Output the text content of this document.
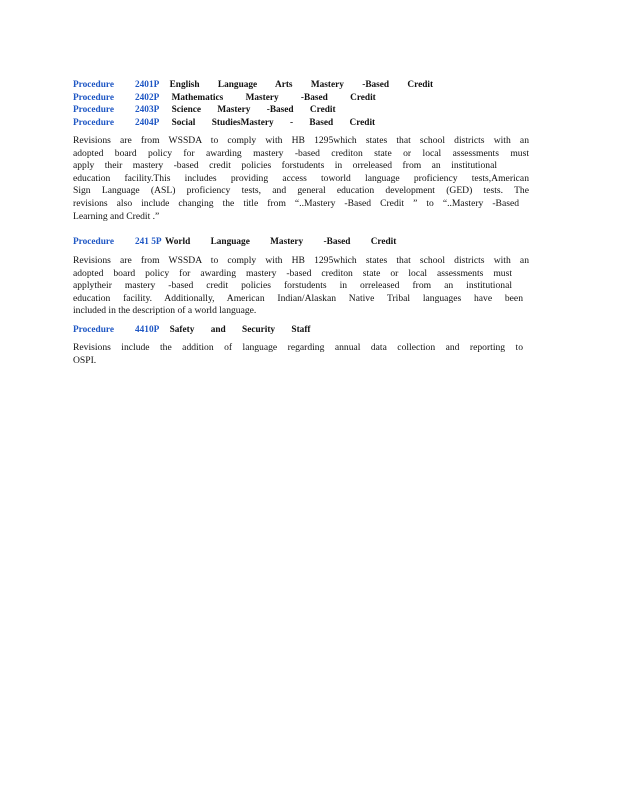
Procedure 2401P English Language Arts Mastery -Based Credit
Procedure 2402P Mathematics Mastery -Based Credit
Procedure 2403P Science Mastery -Based Credit
Procedure 2404P Social StudiesMastery - Based Credit
Revisions are from WSSDA to comply with HB 1295which states that school districts with an
adopted board policy for awarding mastery -based crediton state or local assessments must
apply their mastery -based credit policies forstudents in orreleased from an institutional
education facility.This includes providing access toworld language proficiency tests,American
Sign Language (ASL) proficiency tests, and general education development (GED) tests. The
revisions also include changing the title from “..Mastery -Based Credit ” to “..Mastery -Based
Learning and Credit .”
Procedure 241 5P World Language Mastery -Based Credit
Revisions are from WSSDA to comply with HB 1295which states that school districts with an
adopted board policy for awarding mastery -based crediton state or local assessments must
applytheir mastery -based credit policies forstudents in orreleased from an institutional
education facility. Additionally, American Indian/Alaskan Native Tribal languages have been
included in the description of a world language.
Procedure 4410P Safety and Security Staff
Revisions include the addition of language regarding annual data collection and reporting to
OSPI.
